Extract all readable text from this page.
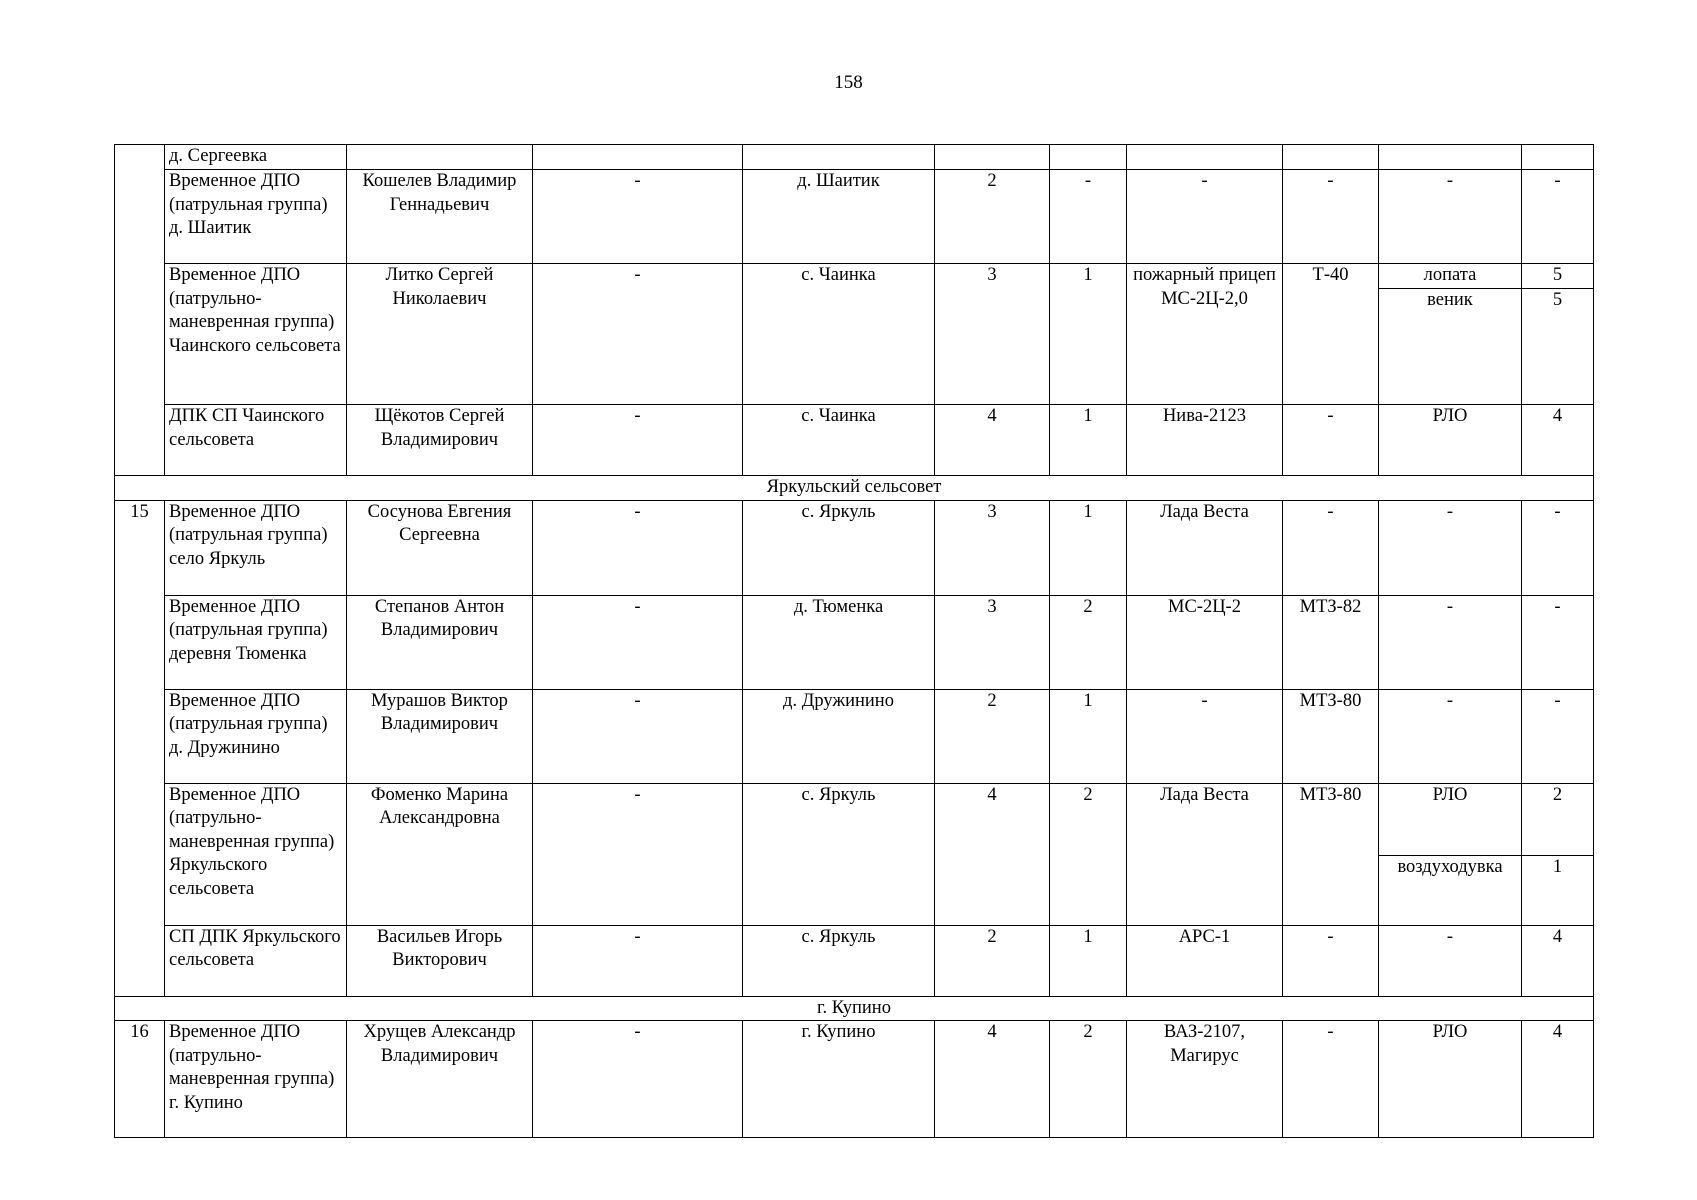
158
	д. Сергеевка									
	Временное ДПО (патрульная группа) д. Шаитик	Кошелев Владимир Геннадьевич	-	д. Шаитик	2	-	-	-	-	-
	Временное ДПО (патрульно-маневренная группа) Чаинского сельсовета	Литко Сергей Николаевич	-	с. Чаинка	3	1	пожарный прицеп МС-2Ц-2,0	Т-40	лопата	5
									веник	5
	ДПК СП Чаинского сельсовета	Щёкотов Сергей Владимирович	-	с. Чаинка	4	1	Нива-2123	-	РЛО	4
Яркульский сельсовет										
15	Временное ДПО (патрульная группа) село Яркуль	Сосунова Евгения Сергеевна	-	с. Яркуль	3	1	Лада Веста	-	-	-
	Временное ДПО (патрульная группа) деревня Тюменка	Степанов Антон Владимирович	-	д. Тюменка	3	2	МС-2Ц-2	МТЗ-82	-	-
	Временное ДПО (патрульная группа) д. Дружинино	Мурашов Виктор Владимирович	-	д. Дружинино	2	1	-	МТЗ-80	-	-
	Временное ДПО (патрульно-маневренная группа) Яркульского сельсовета	Фоменко Марина Александровна	-	с. Яркуль	4	2	Лада Веста	МТЗ-80	РЛО	2
									воздуходувка	1
	СП ДПК Яркульского сельсовета	Васильев Игорь Викторович	-	с. Яркуль	2	1	АРС-1	-	-	4
г. Купино										
16	Временное ДПО (патрульно-маневренная группа) г. Купино	Хрущев Александр Владимирович	-	г. Купино	4	2	ВАЗ-2107, Магирус	-	РЛО	4
